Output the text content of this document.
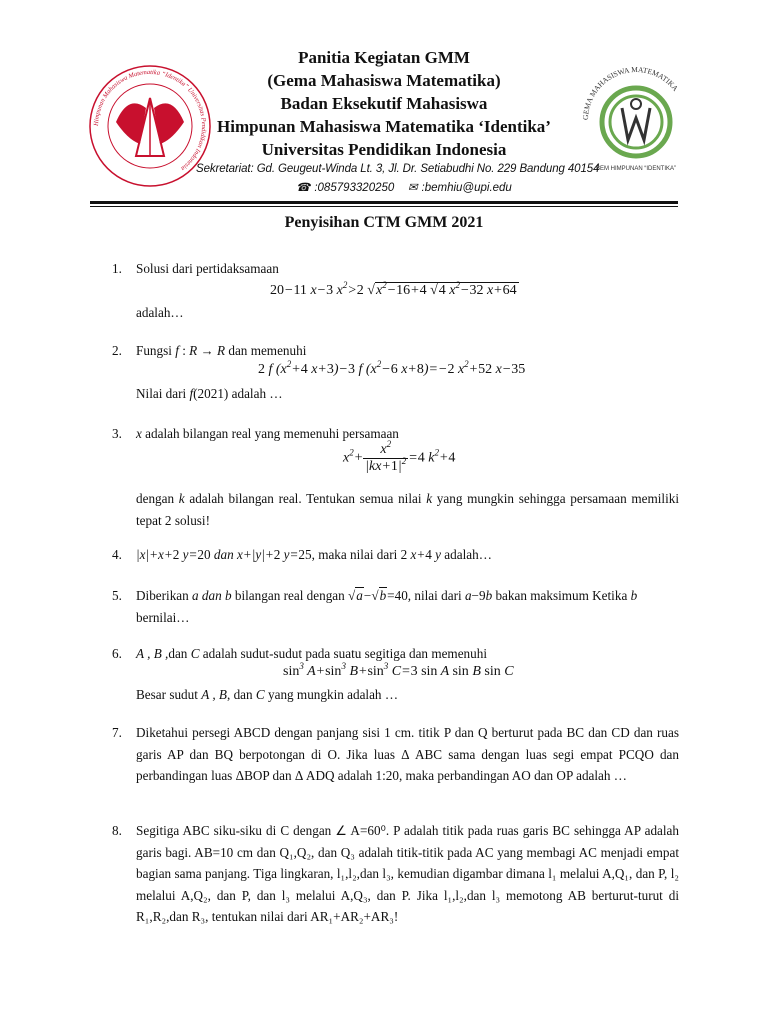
Himpunan Mahasiswa Matematika “Identika” Universitas Pendidikan Indonesia
GEMA MAHASISWA MATEMATIKA
BEM HIMPUNAN “IDENTIKA”
Panitia Kegiatan GMM
(Gema Mahasiswa Matematika)
Badan Eksekutif Mahasiswa
Himpunan Mahasiswa Matematika ‘Identika’
Universitas Pendidikan Indonesia
Sekretariat: Gd. Geugeut-Winda Lt. 3, Jl. Dr. Setiabudhi No. 229 Bandung 40154
☎ :085793320250 ✉ :bemhiu@upi.edu
Penyisihan CTM GMM 2021
1. Solusi dari pertidaksamaan
20−11 x−3 $x^2>2$ $√x^2-16+4$ √4 $x^2-32$ x+64
adalah…
2. Fungsi f : R → R dan memenuhi
2 f ($x^2+4$ x+3)−3 f ($x^2-6$ x+8)=−2 $x^2+52$ x−35
Nilai dari f(2021) adalah …
3. x adalah bilangan real yang memenuhi persamaan
$x^2+ \frac{x^2}{|kx+1|^2} =4$ $k^2+4$
dengan k adalah bilangan real. Tentukan semua nilai k yang mungkin sehingga persamaan memiliki tepat 2 solusi!
4. |x|+x+2 y=20 dan x+|y|+2 y=25, maka nilai dari 2 x+4 y adalah…
5. Diberikan a dan b bilangan real dengan √a−√b=40, nilai dari a−9b bakan maksimum Ketika b
bernilai…
6. A , B ,dan C adalah sudut-sudut pada suatu segitiga dan memenuhi
$\sin^3 A+\sin^3$ $B+\sin^3$ C=3 sin A sin B sin C
Besar sudut A , B, dan C yang mungkin adalah …
7. Diketahui persegi ABCD dengan panjang sisi 1 cm. titik P dan Q berturut pada BC dan CD dan ruas garis AP dan BQ berpotongan di O. Jika luas Δ ABC sama dengan luas segi empat PCQO dan perbandingan luas ΔBOP dan Δ ADQ adalah 1:20, maka perbandingan AO dan OP adalah …
8. Segitiga ABC siku-siku di C dengan ∠ A=60⁰. P adalah titik pada ruas garis BC sehingga AP adalah garis bagi. AB=10 cm dan Q₁,Q₂, dan Q₃ adalah titik-titik pada AC yang membagi AC menjadi empat bagian sama panjang. Tiga lingkaran, l₁,l₂,dan l₃, kemudian digambar dimana l₁ melalui A,Q₁, dan P, l₂ melalui A,Q₂, dan P, dan l₃ melalui A,Q₃, dan P. Jika l₁,l₂,dan l₃ memotong AB berturut-turut di R₁,R₂,dan R₃, tentukan nilai dari AR₁+AR₂+AR₃!
